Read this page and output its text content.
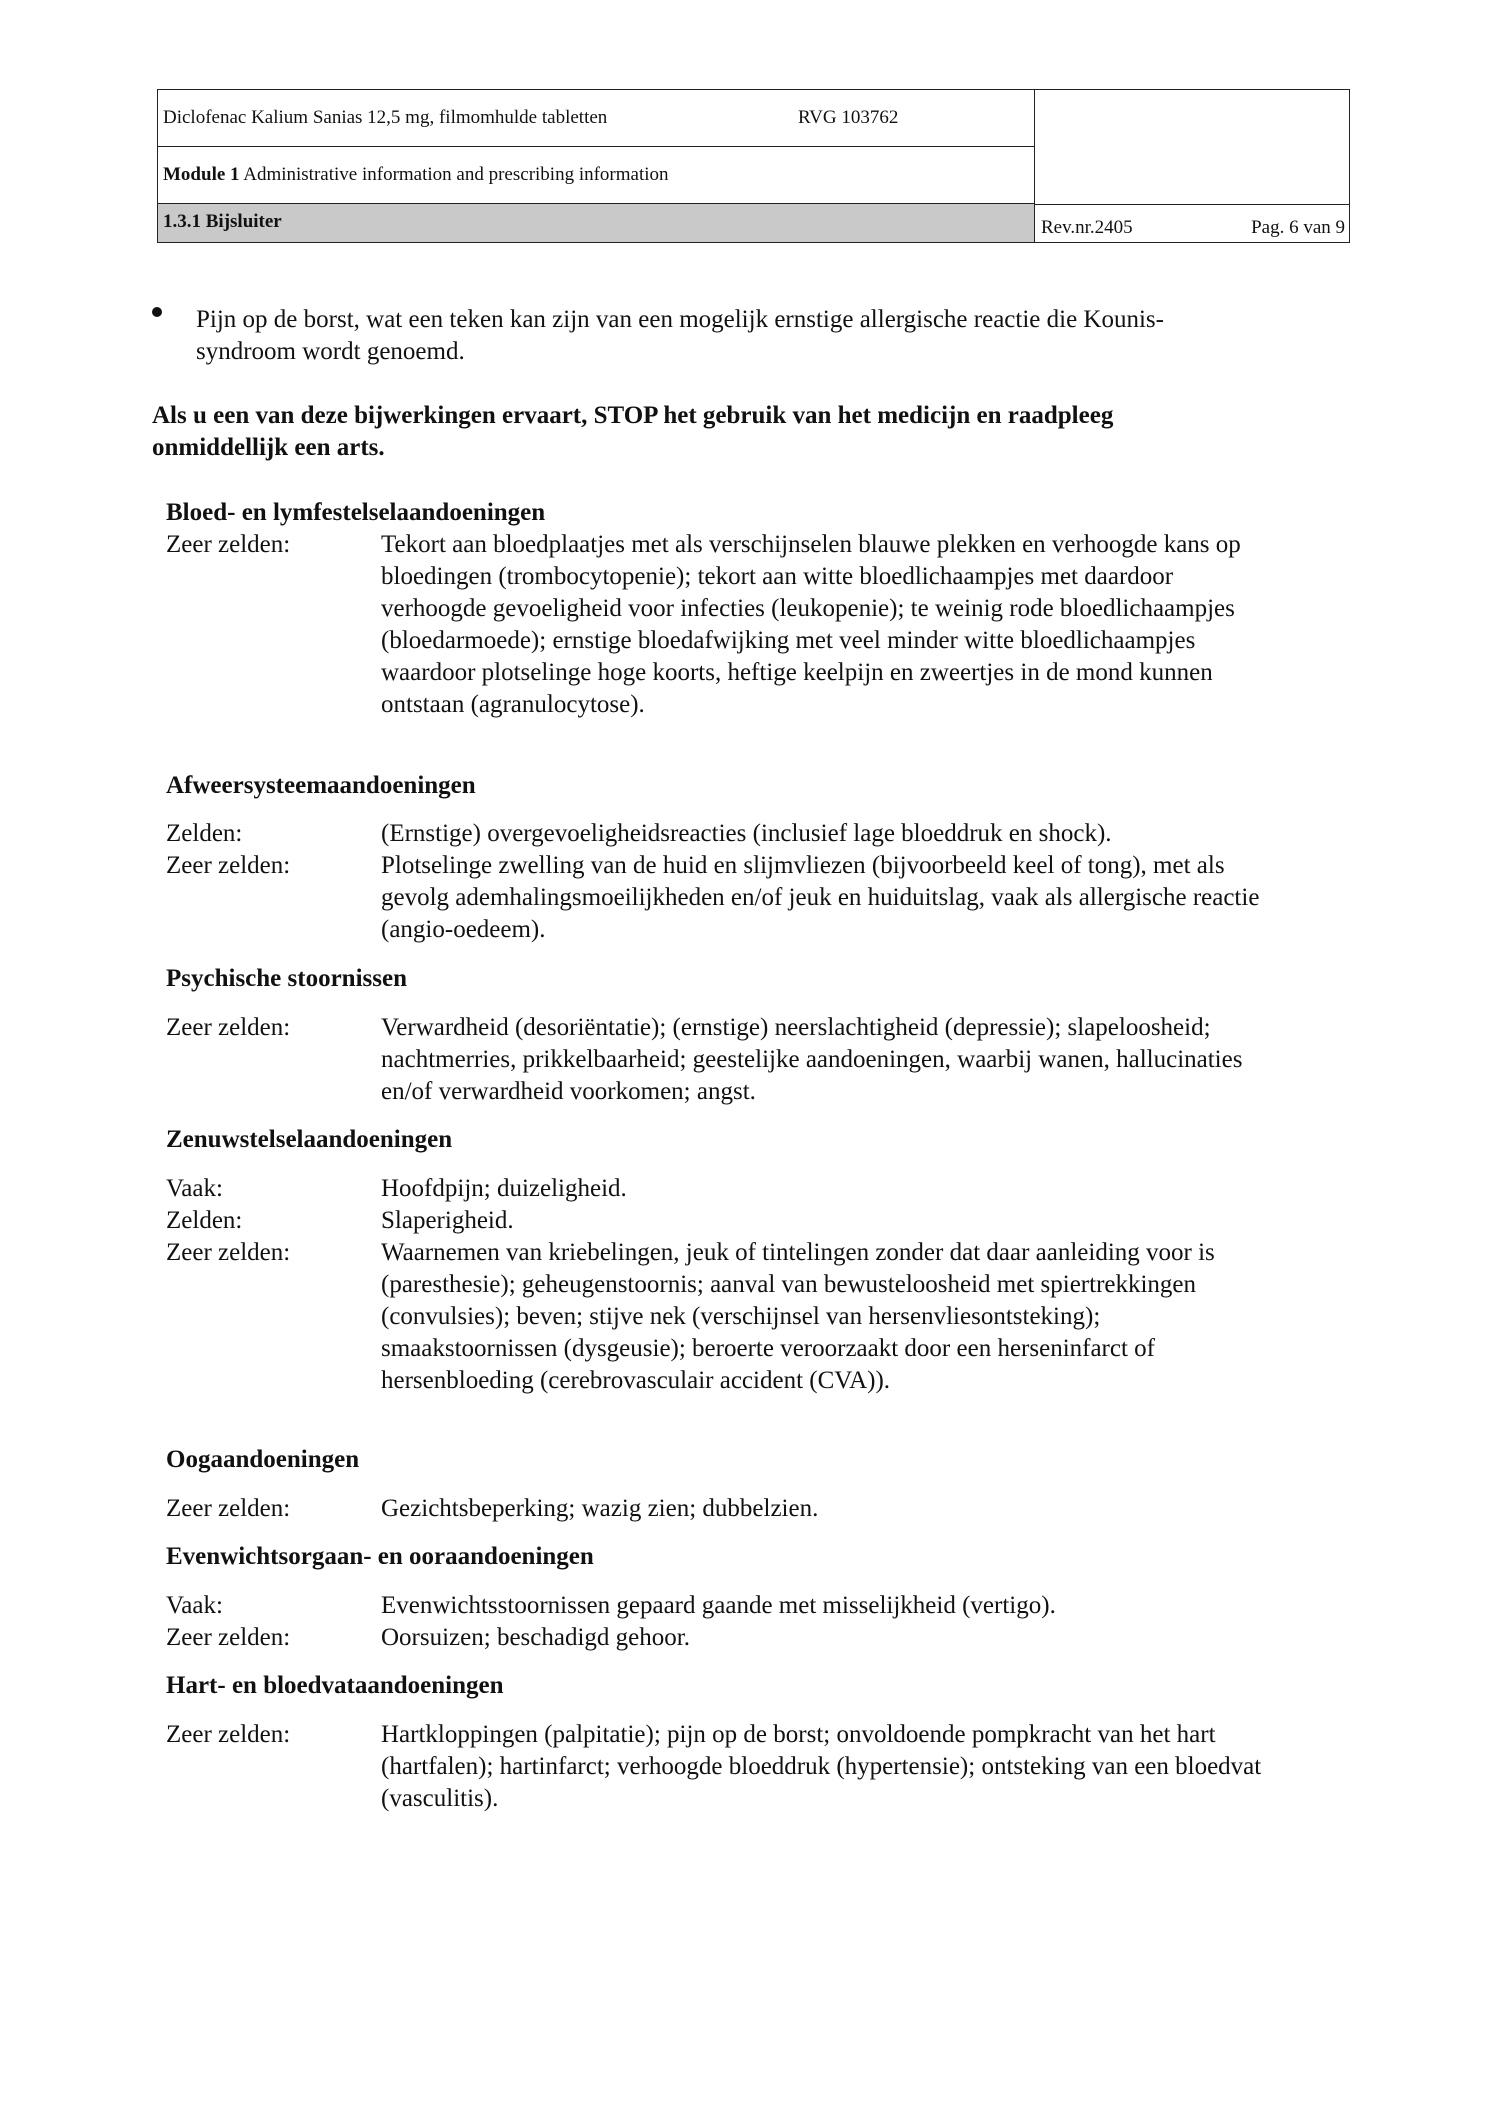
Diclofenac Kalium Sanias 12,5 mg, filmomhulde tabletten	RVG 103762
Module 1 Administrative information and prescribing information
1.3.1 Bijsluiter	Rev.nr.2405	Pag. 6 van 9
Pijn op de borst, wat een teken kan zijn van een mogelijk ernstige allergische reactie die Kounis-
syndroom wordt genoemd.
Als u een van deze bijwerkingen ervaart, STOP het gebruik van het medicijn en raadpleeg
onmiddellijk een arts.
Bloed- en lymfestelselaandoeningen
Zeer zelden:	Tekort aan bloedplaatjes met als verschijnselen blauwe plekken en verhoogde kans op
bloedingen (trombocytopenie); tekort aan witte bloedlichaampjes met daardoor
verhoogde gevoeligheid voor infecties (leukopenie); te weinig rode bloedlichaampjes
(bloedarmoede); ernstige bloedafwijking met veel minder witte bloedlichaampjes
waardoor plotselinge hoge koorts, heftige keelpijn en zweertjes in de mond kunnen
ontstaan (agranulocytose).
Afweersysteemaandoeningen
Zelden:	(Ernstige) overgevoeligheidsreacties (inclusief lage bloeddruk en shock).
Zeer zelden:	Plotselinge zwelling van de huid en slijmvliezen (bijvoorbeeld keel of tong), met als
gevolg ademhalingsmoeilijkheden en/of jeuk en huiduitslag, vaak als allergische reactie
(angio-oedeem).
Psychische stoornissen
Zeer zelden:	Verwardheid (desoriëntatie); (ernstige) neerslachtigheid (depressie); slapeloosheid;
nachtmerries, prikkelbaarheid; geestelijke aandoeningen, waarbij wanen, hallucinaties
en/of verwardheid voorkomen; angst.
Zenuwstelselaandoeningen
Vaak:	Hoofdpijn; duizeligheid.
Zelden:	Slaperigheid.
Zeer zelden:	Waarnemen van kriebelingen, jeuk of tintelingen zonder dat daar aanleiding voor is
(paresthesie); geheugenstoornis; aanval van bewusteloosheid met spiertrekkingen
(convulsies); beven; stijve nek (verschijnsel van hersenvliesontsteking);
smaakstoornissen (dysgeusie); beroerte veroorzaakt door een herseninfarct of
hersenbloeding (cerebrovasculair accident (CVA)).
Oogaandoeningen
Zeer zelden:	Gezichtsbeperking; wazig zien; dubbelzien.
Evenwichtsorgaan- en ooraandoeningen
Vaak:	Evenwichtsstoornissen gepaard gaande met misselijkheid (vertigo).
Zeer zelden:	Oorsuizen; beschadigd gehoor.
Hart- en bloedvataandoeningen
Zeer zelden:	Hartkloppingen (palpitatie); pijn op de borst; onvoldoende pompkracht van het hart
(hartfalen); hartinfarct; verhoogde bloeddruk (hypertensie); ontsteking van een bloedvat
(vasculitis).
